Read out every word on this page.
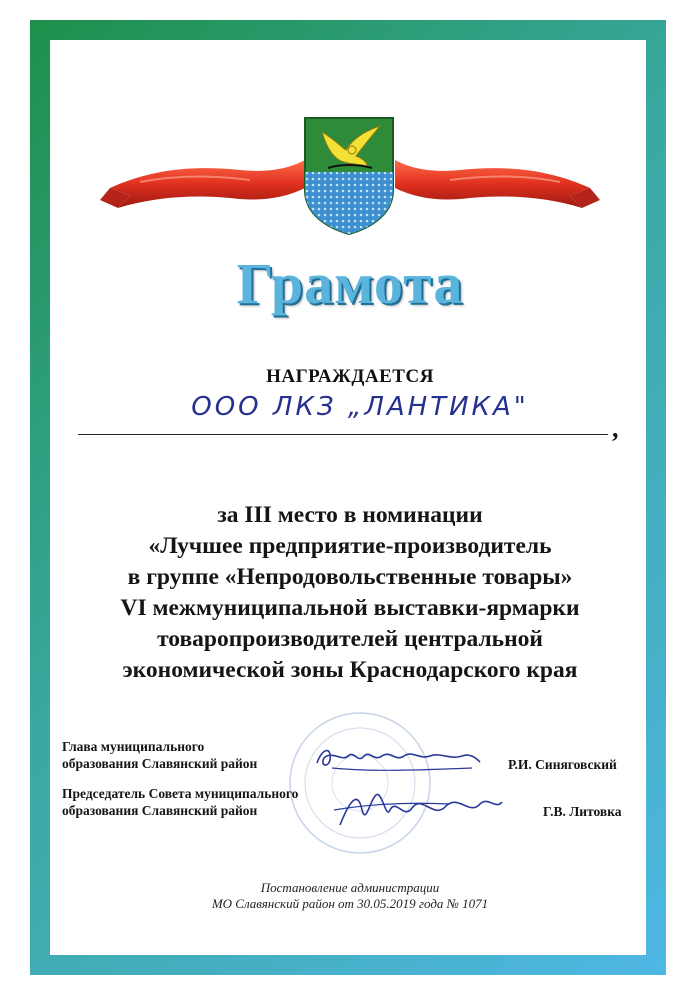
Грамота
НАГРАЖДАЕТСЯ
ООО ЛКЗ „ЛАНТИКА"
,
за III место в номинации
«Лучшее предприятие-производитель
в группе «Непродовольственные товары»
VI межмуниципальной выставки-ярмарки
товаропроизводителей центральной
экономической зоны Краснодарского края
Глава муниципального
образования Славянский район	Р.И. Синяговский
Председатель Совета муниципального
образования Славянский район	Г.В. Литовка
Постановление администрации
МО Славянский район от 30.05.2019 года № 1071
